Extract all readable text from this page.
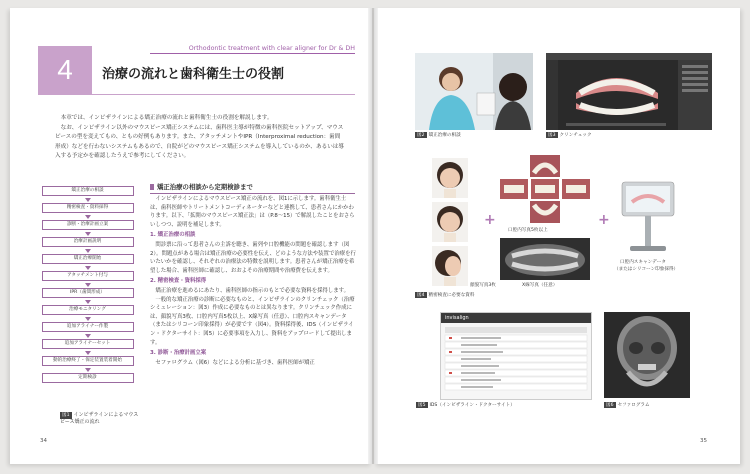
Orthodontic treatment with clear aligner for Dr & DH
4	治療の流れと歯科衛生士の役割

本章では、インビザラインによる矯正治療の流れと歯科衛生士の役割を解説します。

なお、インビザライン以外のマウスピース矯正システムには、歯科医主導が特徴の歯科医院セットアップ、マウスピースの型を変えてもの、ともの好例もあります。また、アタッチメントやIPR（Interproximal reduction：歯間形成）などを行わないシステムもあるので、自院がどのマウスピース矯正システムを導入しているのか、あるいは導入する予定かを確認したうえで参考にしてください。

矯正治療の相談
精密検査・資料採得
診断・治療計画立案
治療計画説明
矯正治療開始
アタッチメント付与
IPR（歯間形成）
治療モニタリング
追加アライナー作製
追加アライナーセット
動的治療終了・保定装置装着開始
定期検診
図1 インビザラインによるマウスピース矯正の流れ
矯正治療の相談から定期検診まで

インビザラインによるマウスピース矯正の流れを、図1に示します。歯科衛生士は、歯科医師やトリートメントコーディネーターなどと連携して、患者さんにかかわります。以下、「拡開のマウスピース矯正法」は（P.8〜15）で解説したことをおさらいしつつ、説明を補足します。

1. 矯正治療の相談

問診票に沿って患者さんの主訴を聴き、歯列や口腔機能の問題を確認します（図2）。問題点がある場合は矯正治療の必要性を伝え、どのような方法や装置で治療を行いたいかを確認し、それぞれの治療法の特徴を説明します。患者さんが矯正治療を希望した場合、歯科医師に確認し、おおよその治療期間や治療費を伝えます。

2. 精密検査・資料採得

矯正治療を進めるにあたり、歯科医師の指示のもとで必要な資料を採得します。

一般的な矯正治療の診断に必要なものと、インビザラインのクリンチェック（治療シミュレーション：図3）作成に必要なものとは異なります。クリンチェック作成には、顔貌写真3枚、口腔内写真5枚以上、X線写真（任意）、口腔内スキャンデータ（またはシリコーン印象採得）が必要です（図4）。資料採得後、IDS（インビザライン・ドクターサイト：図5）に必要事項を入力し、資料をアップロードして提出します。

3. 診断・治療計画立案

セファログラム（図6）などによる分析に基づき、歯科医師が矯正

34	35
図2 矯正治療の相談	図3 クリンチェック
顔貌写真3枚
図4 精密検査に必要な資料
+
口腔内写真5枚以上
X線写真（任意）
+
口腔内スキャンデータ
（またはシリコーン印象採得）
invisalign
図5 IDS（インビザライン・ドクターサイト）	図6 セファログラム
